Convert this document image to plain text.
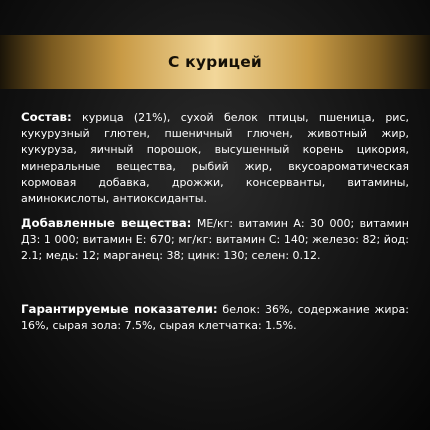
С курицей

Состав: курица (21%), сухой белок птицы, пшеница, рис, кукурузный глютен, пшеничный глючен, животный жир, кукуруза, яичный порошок, высушенный корень цикория, минеральные вещества, рыбий жир, вкусоароматическая кормовая добавка, дрожжи, консерванты, витамины, аминокислоты, антиоксиданты.

Добавленные вещества: МЕ/кг: витамин А: 30 000; витамин Д3: 1 000; витамин Е: 670; мг/кг: витамин С: 140; железо: 82; йод: 2.1; медь: 12; марганец: 38; цинк: 130; селен: 0.12.

Гарантируемые показатели: белок: 36%, содержание жира: 16%, сырая зола: 7.5%, сырая клетчатка: 1.5%.
